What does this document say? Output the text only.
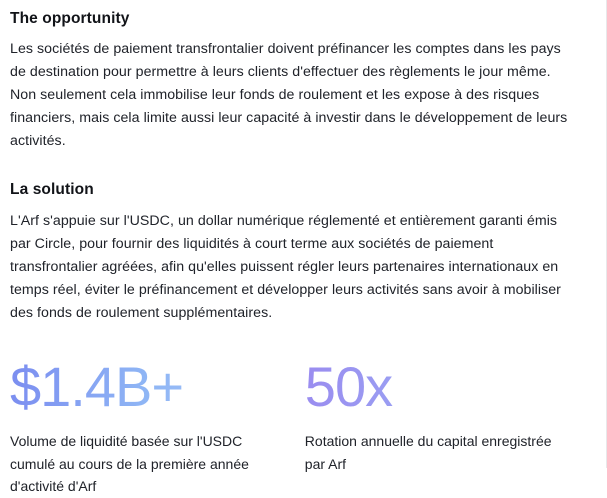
The opportunity

Les sociétés de paiement transfrontalier doivent préfinancer les comptes dans les pays de destination pour permettre à leurs clients d'effectuer des règlements le jour même. Non seulement cela immobilise leur fonds de roulement et les expose à des risques financiers, mais cela limite aussi leur capacité à investir dans le développement de leurs activités.

La solution

L'Arf s'appuie sur l'USDC, un dollar numérique réglementé et entièrement garanti émis par Circle, pour fournir des liquidités à court terme aux sociétés de paiement transfrontalier agréées, afin qu'elles puissent régler leurs partenaires internationaux en temps réel, éviter le préfinancement et développer leurs activités sans avoir à mobiliser des fonds de roulement supplémentaires.

$1.4B+

Volume de liquidité basée sur l'USDC cumulé au cours de la première année d'activité d'Arf

50x

Rotation annuelle du capital enregistrée par Arf
